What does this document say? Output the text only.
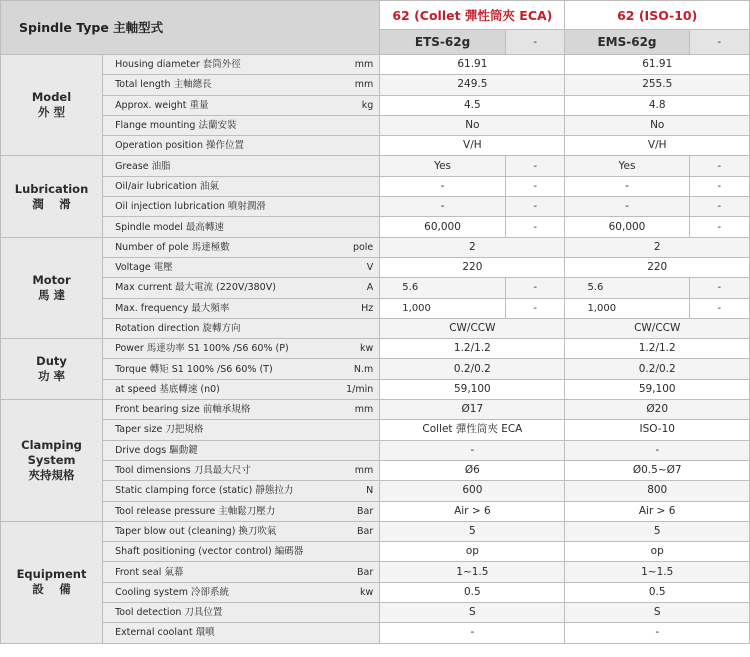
Spindle Type 主軸型式			62 (Collet 彈性筒夾 ECA)		62 (ISO-10)	
			ETS-62g	-	EMS-62g	-
Model
外 型	Housing diameter 套筒外徑	mm	61.91		61.91	
	Total length 主軸總長	mm	249.5		255.5	
	Approx. weight 重量	kg	4.5		4.8	
	Flange mounting 法蘭安裝		No		No	
	Operation position 操作位置		V/H		V/H	
Lubrication
潤　 滑	Grease 油脂		Yes	-	Yes	-
	Oil/air lubrication 油氣		-	-	-	-
	Oil injection lubrication 噴射潤滑		-	-	-	-
	Spindle model 最高轉速		60,000	-	60,000	-
Motor
馬 達	Number of pole 馬達極數	pole	2		2	
	Voltage 電壓	V	220		220	
	Max current 最大電流 (220V/380V)	A	5.6	-	5.6	-
	Max. frequency 最大頻率	Hz	1,000	-	1,000	-
	Rotation direction 旋轉方向		CW/CCW		CW/CCW	
Duty
功 率	Power 馬達功率 S1 100% /S6 60% (P)	kw	1.2/1.2		1.2/1.2	
	Torque 轉矩 S1 100% /S6 60% (T)	N.m	0.2/0.2		0.2/0.2	
	at speed 基底轉速 (n0)	1/min	59,100		59,100	
Clamping
System
夾持規格	Front bearing size 前軸承規格	mm	Ø17		Ø20	
	Taper size 刀把規格		Collet 彈性筒夾 ECA		ISO-10	
	Drive dogs 驅動鍵		-		-	
	Tool dimensions 刀具最大尺寸	mm	Ø6		Ø0.5~Ø7	
	Static clamping force (static) 靜態拉力	N	600		800	
	Tool release pressure 主軸鬆刀壓力	Bar	Air > 6		Air > 6	
Equipment
設　 備	Taper blow out (cleaning) 換刀吹氣	Bar	5		5	
	Shaft positioning (vector control) 編碼器		op		op	
	Front seal 氣幕	Bar	1~1.5		1~1.5	
	Cooling system 冷卻系統	kw	0.5		0.5	
	Tool detection 刀具位置		S		S	
	External coolant 環噴		-		-	
